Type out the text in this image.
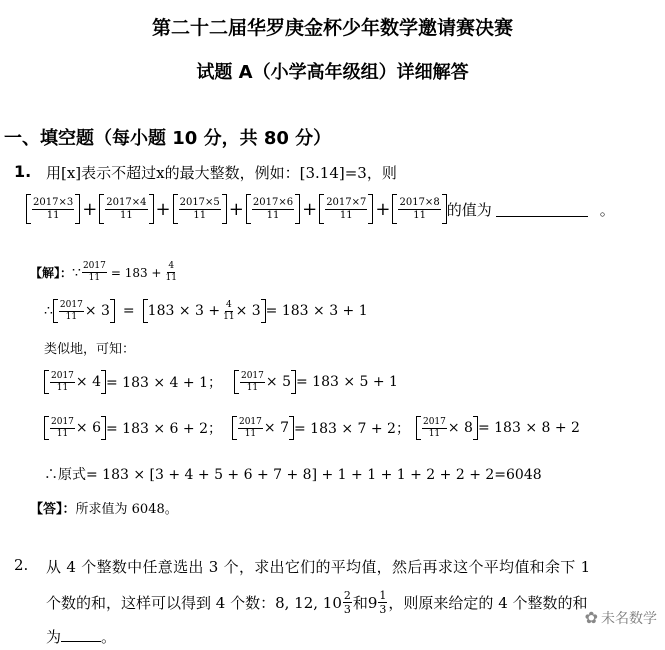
第二十二届华罗庚金杯少年数学邀请赛决赛
试题 A（小学高年级组）详细解答
一、填空题（每小题 10 分，共 80 分）
1. 用[x]表示不超过x的最大整数，例如：[3.14]=3，则
$\frac{2017\times 3}{11} + \frac{2017\times 4}{11} + \frac{2017\times 5}{11} + \frac{2017\times 6}{11} + \frac{2017\times 7}{11} + \frac{2017\times 8}{11}$ 的值为	。
【解】： ∵ $\frac{2017}{11} = 183 + \frac{4}{11}$
∴ $\frac{2017}{11} \times 3 = 183 \times 3 + \frac{4}{11} \times 3 = 183 \times 3 + 1$
类似地，可知：
$\frac{2017}{11} \times 4 = 183 \times 4 + 1$； $\frac{2017}{11} \times 5 = 183 \times 5 + 1$
$\frac{2017}{11} \times 6 = 183 \times 6 + 2$； $\frac{2017}{11} \times 7 = 183 \times 7 + 2$； $\frac{2017}{11} \times 8 = 183 \times 8 + 2$
∴原式= 183 × [3 + 4 + 5 + 6 + 7 + 8] + 1 + 1 + 1 + 2 + 2 + 2=6048
【答】：所求值为 6048。
2. 从 4 个整数中任意选出 3 个，求出它们的平均值，然后再求这个平均值和余下 1
个数的和，这样可以得到 4 个数：8, 12, $10 \frac{2}{3}$ 和$9 \frac{1}{3}$ ，则原来给定的 4 个整数的和
为	。
✿ 未名数学
